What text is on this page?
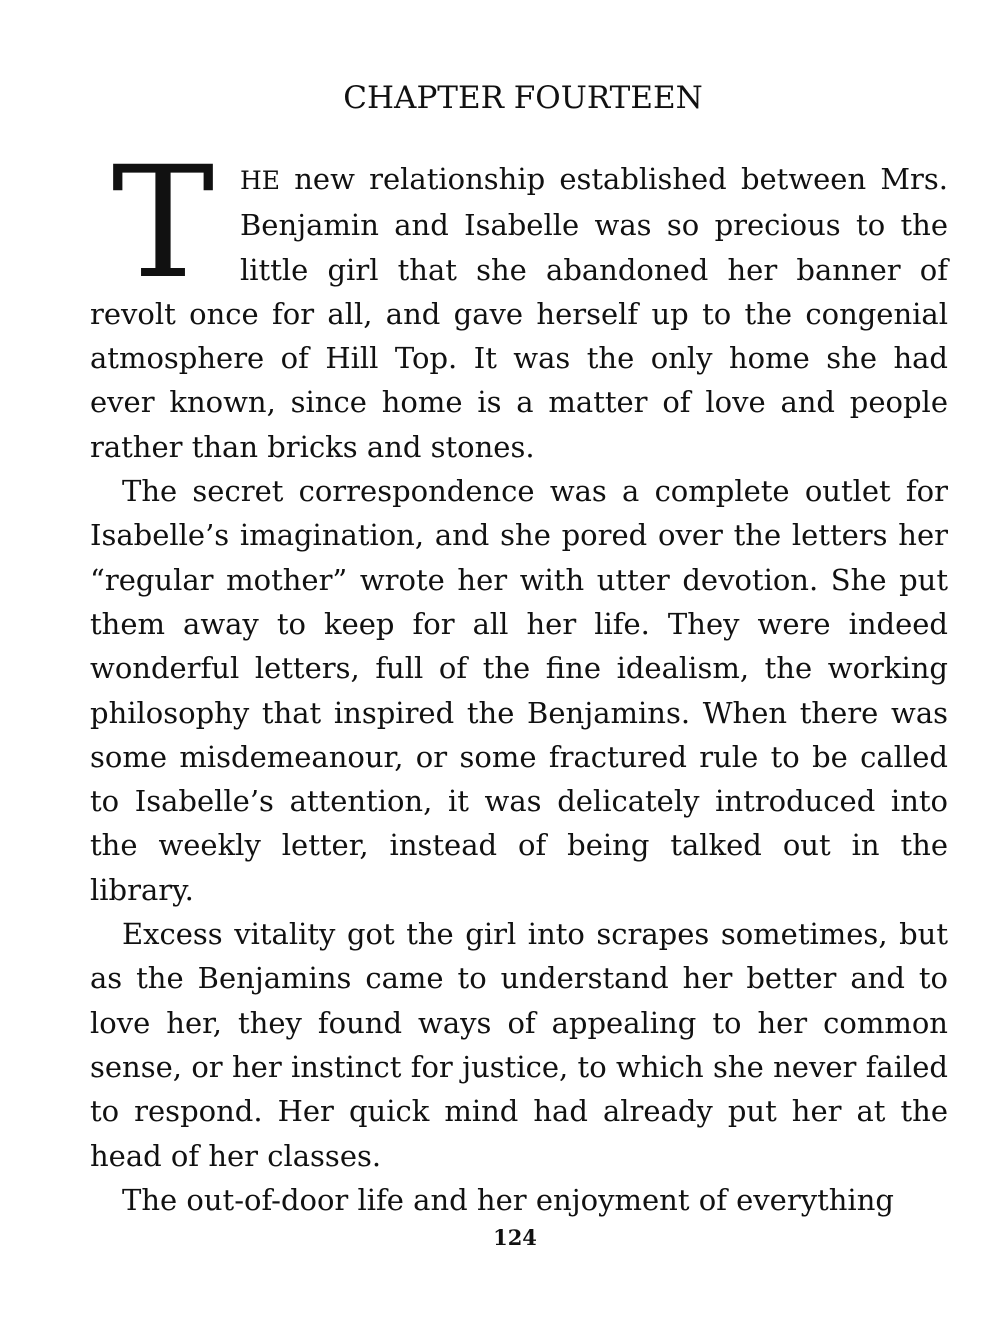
CHAPTER FOURTEEN

T	HE new relationship established between Mrs. Benjamin and Isabelle was so precious to the little girl that she abandoned her banner of revolt once for all, and gave herself up to the congenial atmosphere of Hill Top. It was the only home she had ever known, since home is a matter of love and people rather than bricks and stones.

The secret correspondence was a complete outlet for Isabelle’s imagination, and she pored over the letters her “regular mother” wrote her with utter devotion. She put them away to keep for all her life. They were indeed wonderful letters, full of the fine idealism, the working philosophy that inspired the Benjamins. When there was some misdemeanour, or some fractured rule to be called to Isabelle’s attention, it was delicately introduced into the weekly letter, instead of being talked out in the library.

Excess vitality got the girl into scrapes sometimes, but as the Benjamins came to understand her better and to love her, they found ways of appealing to her common sense, or her instinct for justice, to which she never failed to respond. Her quick mind had already put her at the head of her classes.

The out-of-door life and her enjoyment of everything

124
